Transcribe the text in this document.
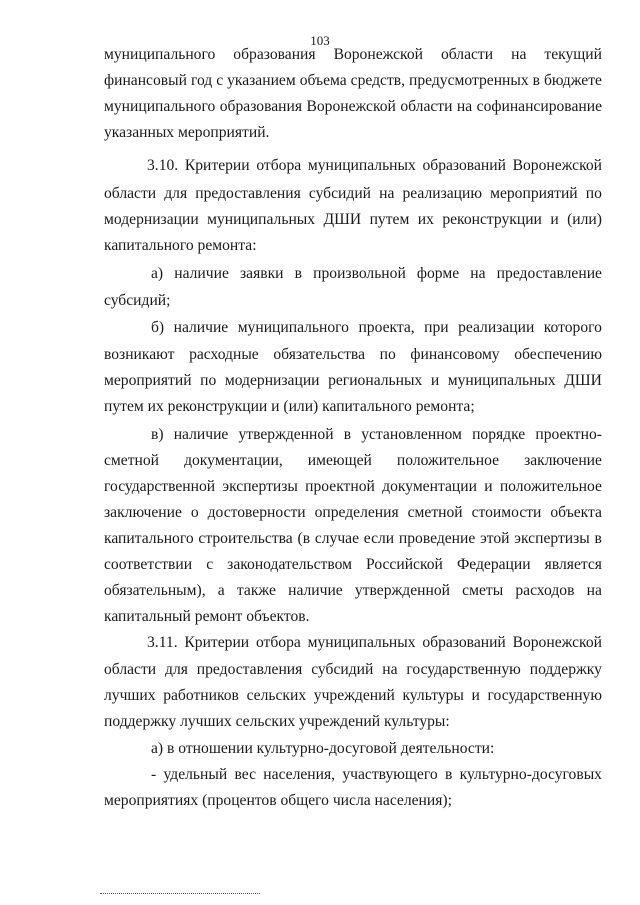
103
муниципального образования Воронежской области на текущий
финансовый год с указанием объема средств, предусмотренных в бюджете
муниципального образования Воронежской области на софинансирование
указанных мероприятий.
3.10. Критерии отбора муниципальных образований Воронежской
области для предоставления субсидий на реализацию мероприятий по
модернизации муниципальных ДШИ путем их реконструкции и (или)
капитального ремонта:
а) наличие заявки в произвольной форме на предоставление
субсидий;
б) наличие муниципального проекта, при реализации которого
возникают расходные обязательства по финансовому обеспечению
мероприятий по модернизации региональных и муниципальных ДШИ
путем их реконструкции и (или) капитального ремонта;
в) наличие утвержденной в установленном порядке проектно-
сметной документации, имеющей положительное заключение
государственной экспертизы проектной документации и положительное
заключение о достоверности определения сметной стоимости объекта
капитального строительства (в случае если проведение этой экспертизы в
соответствии с законодательством Российской Федерации является
обязательным), а также наличие утвержденной сметы расходов на
капитальный ремонт объектов.
3.11. Критерии отбора муниципальных образований Воронежской
области для предоставления субсидий на государственную поддержку
лучших работников сельских учреждений культуры и государственную
поддержку лучших сельских учреждений культуры:
а) в отношении культурно-досуговой деятельности:
- удельный вес населения, участвующего в культурно-досуговых
мероприятиях (процентов общего числа населения);
